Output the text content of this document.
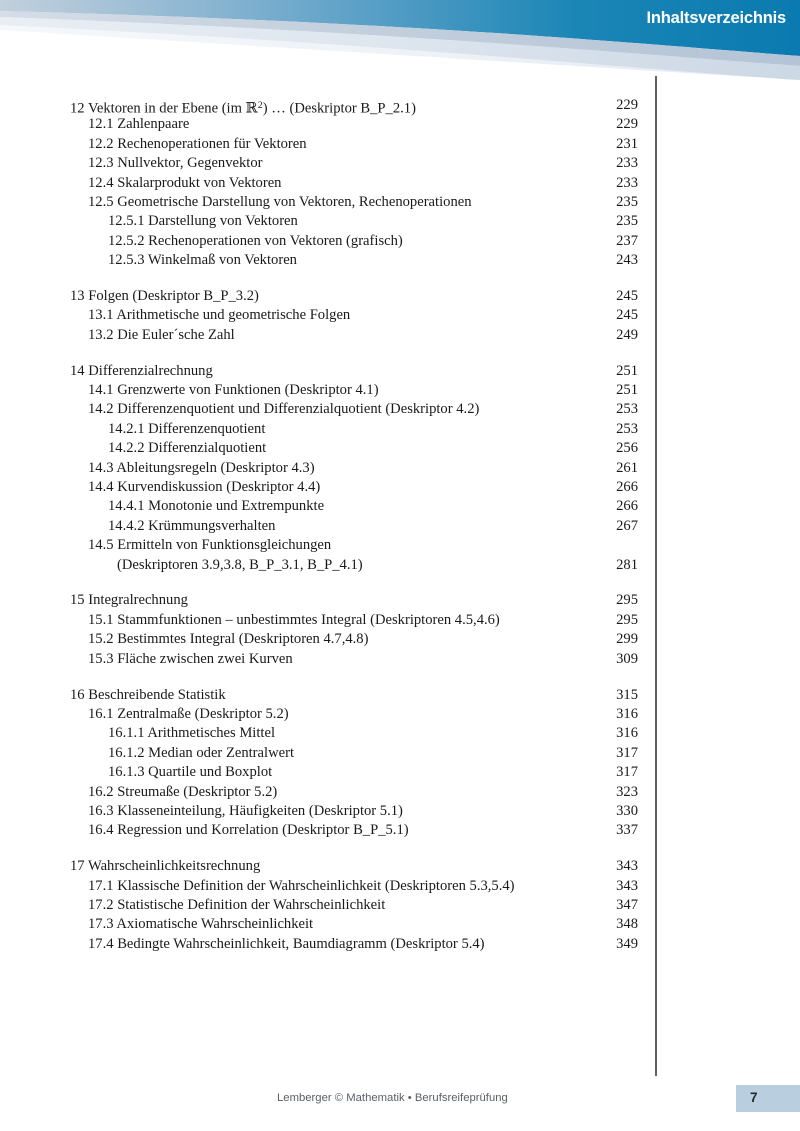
Inhaltsverzeichnis
12 Vektoren in der Ebene (im ℝ$^2$) … (Deskriptor B_P_2.1)	229
12.1 Zahlenpaare	229
12.2 Rechenoperationen für Vektoren	231
12.3 Nullvektor, Gegenvektor	233
12.4 Skalarprodukt von Vektoren	233
12.5 Geometrische Darstellung von Vektoren, Rechenoperationen	235
12.5.1 Darstellung von Vektoren	235
12.5.2 Rechenoperationen von Vektoren (grafisch)	237
12.5.3 Winkelmaß von Vektoren	243
13 Folgen (Deskriptor B_P_3.2)	245
13.1 Arithmetische und geometrische Folgen	245
13.2 Die Euler´sche Zahl	249
14 Differenzialrechnung	251
14.1 Grenzwerte von Funktionen (Deskriptor 4.1)	251
14.2 Differenzenquotient und Differenzialquotient (Deskriptor 4.2)	253
14.2.1 Differenzenquotient	253
14.2.2 Differenzialquotient	256
14.3 Ableitungsregeln (Deskriptor 4.3)	261
14.4 Kurvendiskussion (Deskriptor 4.4)	266
14.4.1 Monotonie und Extrempunkte	266
14.4.2 Krümmungsverhalten	267
14.5 Ermitteln von Funktionsgleichungen
(Deskriptoren 3.9,3.8, B_P_3.1, B_P_4.1)	281
15 Integralrechnung	295
15.1 Stammfunktionen – unbestimmtes Integral (Deskriptoren 4.5,4.6)	295
15.2 Bestimmtes Integral (Deskriptoren 4.7,4.8)	299
15.3 Fläche zwischen zwei Kurven	309
16 Beschreibende Statistik	315
16.1 Zentralmaße (Deskriptor 5.2)	316
16.1.1 Arithmetisches Mittel	316
16.1.2 Median oder Zentralwert	317
16.1.3 Quartile und Boxplot	317
16.2 Streumaße (Deskriptor 5.2)	323
16.3 Klasseneinteilung, Häufigkeiten (Deskriptor 5.1)	330
16.4 Regression und Korrelation (Deskriptor B_P_5.1)	337
17 Wahrscheinlichkeitsrechnung	343
17.1 Klassische Definition der Wahrscheinlichkeit (Deskriptoren 5.3,5.4)	343
17.2 Statistische Definition der Wahrscheinlichkeit	347
17.3 Axiomatische Wahrscheinlichkeit	348
17.4 Bedingte Wahrscheinlichkeit, Baumdiagramm (Deskriptor 5.4)	349
Lemberger © Mathematik • Berufsreifeprüfung	7
